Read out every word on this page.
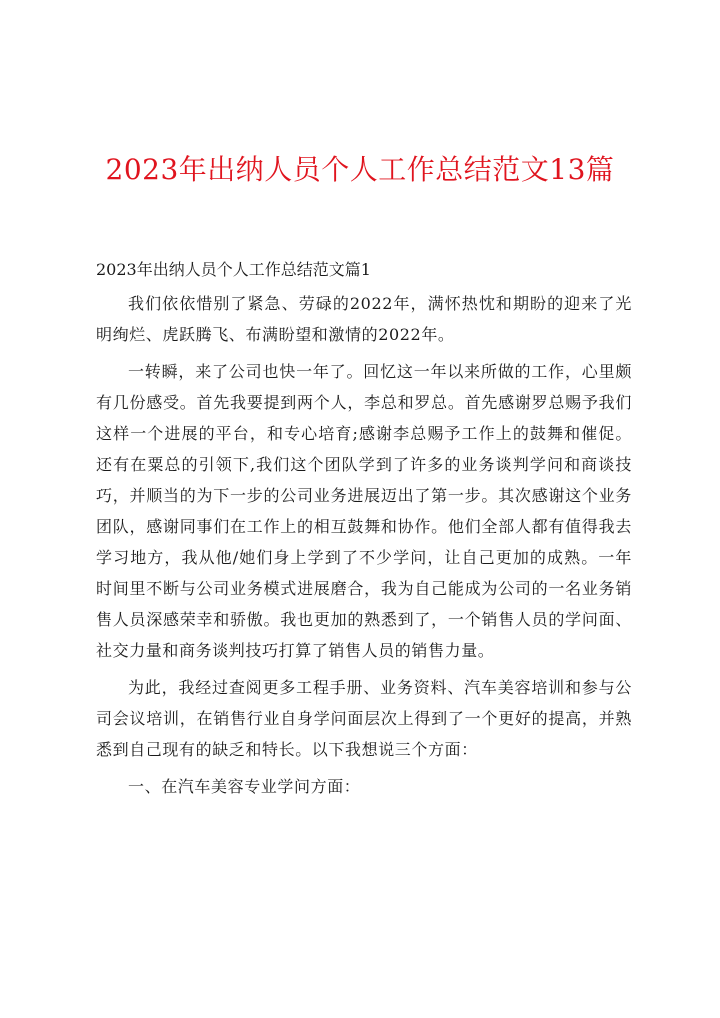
2023年出纳人员个人工作总结范文13篇

2023年出纳人员个人工作总结范文篇1

我们依依惜别了紧急、劳碌的2022年，满怀热忱和期盼的迎来了光明绚烂、虎跃腾飞、布满盼望和激情的2022年。

一转瞬，来了公司也快一年了。回忆这一年以来所做的工作，心里颇有几份感受。首先我要提到两个人，李总和罗总。首先感谢罗总赐予我们这样一个进展的平台，和专心培育;感谢李总赐予工作上的鼓舞和催促。还有在粟总的引领下,我们这个团队学到了许多的业务谈判学问和商谈技巧，并顺当的为下一步的公司业务进展迈出了第一步。其次感谢这个业务团队，感谢同事们在工作上的相互鼓舞和协作。他们全部人都有值得我去学习地方，我从他/她们身上学到了不少学问，让自己更加的成熟。一年时间里不断与公司业务模式进展磨合，我为自己能成为公司的一名业务销售人员深感荣幸和骄傲。我也更加的熟悉到了，一个销售人员的学问面、社交力量和商务谈判技巧打算了销售人员的销售力量。

为此，我经过查阅更多工程手册、业务资料、汽车美容培训和参与公司会议培训，在销售行业自身学问面层次上得到了一个更好的提高，并熟悉到自己现有的缺乏和特长。以下我想说三个方面：

一、在汽车美容专业学问方面：
